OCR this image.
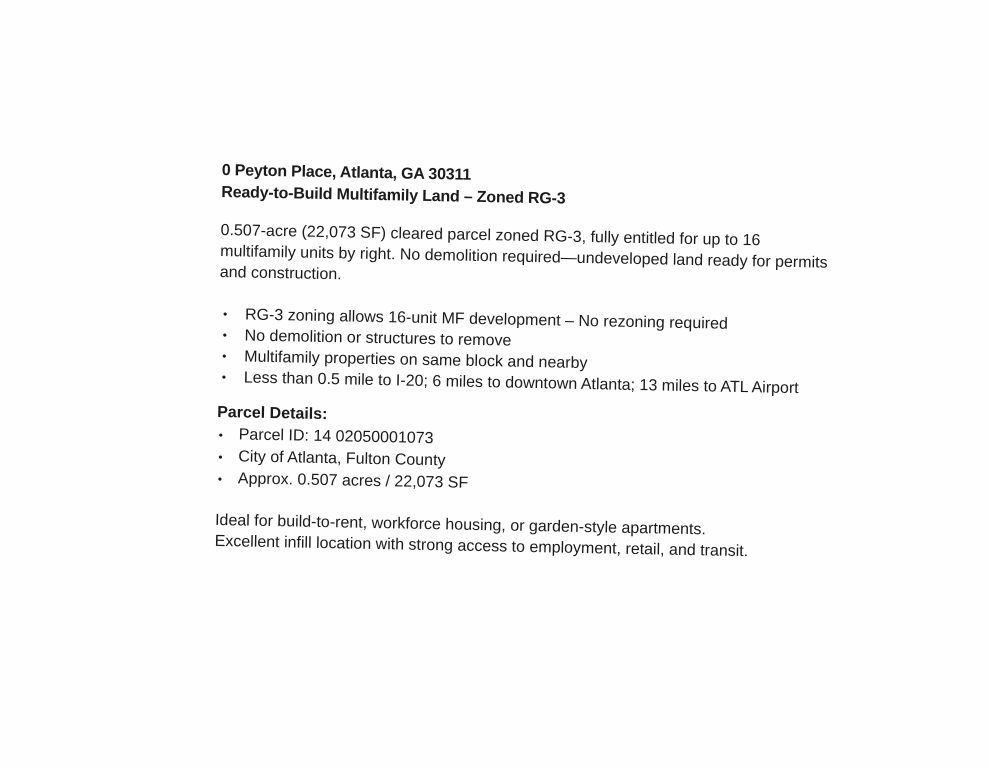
0 Peyton Place, Atlanta, GA 30311

Ready-to-Build Multifamily Land – Zoned RG-3

0.507-acre (22,073 SF) cleared parcel zoned RG-3, fully entitled for up to 16 multifamily units by right. No demolition required—undeveloped land ready for permits and construction.

• RG-3 zoning allows 16-unit MF development – No rezoning required
• No demolition or structures to remove
• Multifamily properties on same block and nearby
• Less than 0.5 mile to I-20; 6 miles to downtown Atlanta; 13 miles to ATL Airport

Parcel Details:

• Parcel ID: 14 02050001073
• City of Atlanta, Fulton County
• Approx. 0.507 acres / 22,073 SF
Ideal for build-to-rent, workforce housing, or garden-style apartments.
Excellent infill location with strong access to employment, retail, and transit.
